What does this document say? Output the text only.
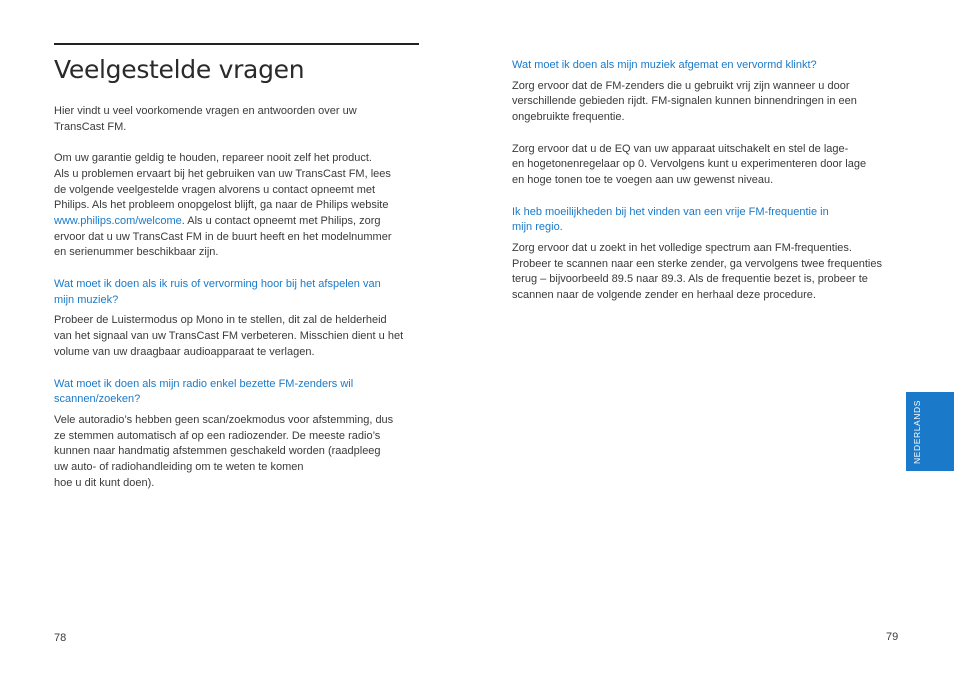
Veelgestelde vragen

Hier vindt u veel voorkomende vragen en antwoorden over uw

TransCast FM.

Om uw garantie geldig te houden, repareer nooit zelf het product.

Als u problemen ervaart bij het gebruiken van uw TransCast FM, lees

de volgende veelgestelde vragen alvorens u contact opneemt met

Philips. Als het probleem onopgelost blijft, ga naar de Philips website

www.philips.com/welcome. Als u contact opneemt met Philips, zorg

ervoor dat u uw TransCast FM in de buurt heeft en het modelnummer

en serienummer beschikbaar zijn.

Wat moet ik doen als ik ruis of vervorming hoor bij het afspelen van

mijn muziek?

Probeer de Luistermodus op Mono in te stellen, dit zal de helderheid

van het signaal van uw TransCast FM verbeteren. Misschien dient u het

volume van uw draagbaar audioapparaat te verlagen.

Wat moet ik doen als mijn radio enkel bezette FM-zenders wil

scannen/zoeken?

Vele autoradio’s hebben geen scan/zoekmodus voor afstemming, dus

ze stemmen automatisch af op een radiozender. De meeste radio’s

kunnen naar handmatig afstemmen geschakeld worden (raadpleeg

uw auto- of radiohandleiding om te weten te komen

hoe u dit kunt doen).

Wat moet ik doen als mijn muziek afgemat en vervormd klinkt?

Zorg ervoor dat de FM-zenders die u gebruikt vrij zijn wanneer u door

verschillende gebieden rijdt. FM-signalen kunnen binnendringen in een

ongebruikte frequentie.

Zorg ervoor dat u de EQ van uw apparaat uitschakelt en stel de lage-

en hogetonenregelaar op 0. Vervolgens kunt u experimenteren door lage

en hoge tonen toe te voegen aan uw gewenst niveau.

Ik heb moeilijkheden bij het vinden van een vrije FM-frequentie in

mijn regio.

Zorg ervoor dat u zoekt in het volledige spectrum aan FM-frequenties.

Probeer te scannen naar een sterke zender, ga vervolgens twee frequenties

terug – bijvoorbeeld 89.5 naar 89.3. Als de frequentie bezet is, probeer te

scannen naar de volgende zender en herhaal deze procedure.

NEDERLANDS
78	79
